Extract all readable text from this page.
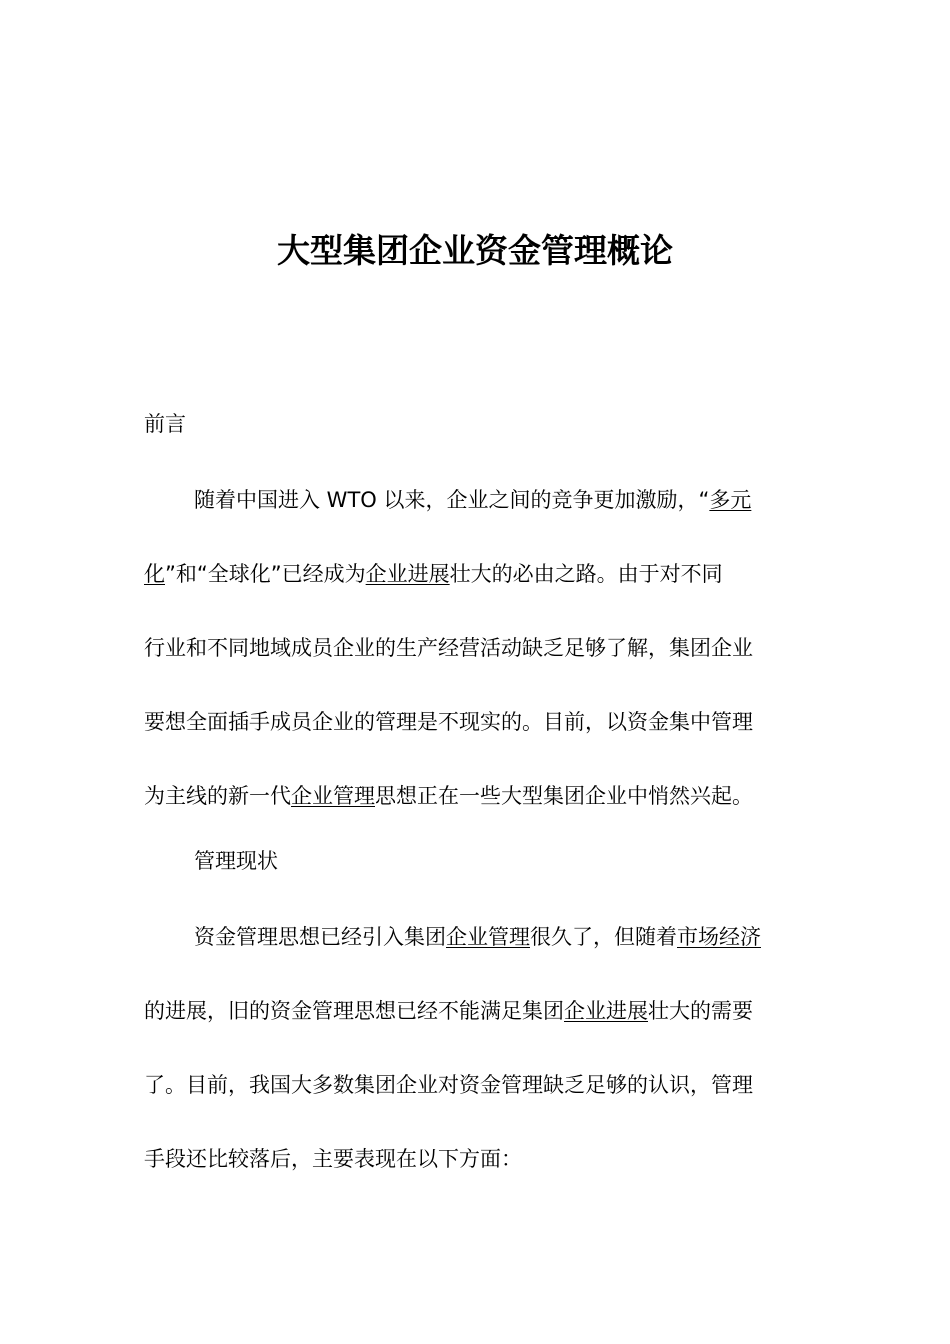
大型集团企业资金管理概论
前言
随着中国进入 WTO 以来，企业之间的竞争更加激励，“多元
化”和“全球化”已经成为企业进展壮大的必由之路。由于对不同
行业和不同地域成员企业的生产经营活动缺乏足够了解，集团企业
要想全面插手成员企业的管理是不现实的。目前，以资金集中管理
为主线的新一代企业管理思想正在一些大型集团企业中悄然兴起。
管理现状
资金管理思想已经引入集团企业管理很久了，但随着市场经济
的进展，旧的资金管理思想已经不能满足集团企业进展壮大的需要
了。目前，我国大多数集团企业对资金管理缺乏足够的认识，管理
手段还比较落后，主要表现在以下方面：
